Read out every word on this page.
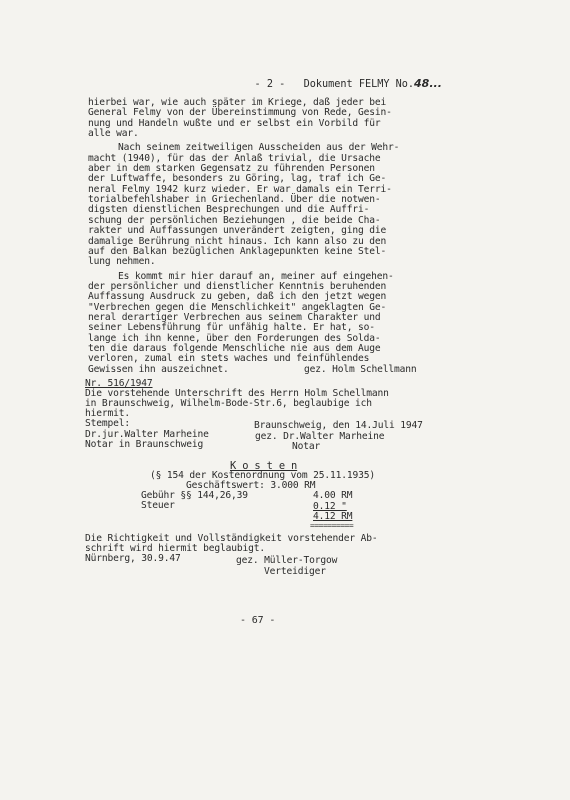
- 2 - Dokument FELMY No.48...

hierbei war, wie auch später im Kriege, daß jeder bei
General Felmy von der Übereinstimmung von Rede, Gesin-
nung und Handeln wußte und er selbst ein Vorbild für
alle war.
Nach seinem zeitweiligen Ausscheiden aus der Wehr-
macht (1940), für das der Anlaß trivial, die Ursache
aber in dem starken Gegensatz zu führenden Personen
der Luftwaffe, besonders zu Göring, lag, traf ich Ge-
neral Felmy 1942 kurz wieder. Er war damals ein Terri-
torialbefehlshaber in Griechenland. Über die notwen-
digsten dienstlichen Besprechungen und die Auffri-
schung der persönlichen Beziehungen , die beide Cha-
rakter und Auffassungen unverändert zeigten, ging die
damalige Berührung nicht hinaus. Ich kann also zu den
auf den Balkan bezüglichen Anklagepunkten keine Stel-
lung nehmen.
Es kommt mir hier darauf an, meiner auf eingehen-
der persönlicher und dienstlicher Kenntnis beruhenden
Auffassung Ausdruck zu geben, daß ich den jetzt wegen
"Verbrechen gegen die Menschlichkeit" angeklagten Ge-
neral derartiger Verbrechen aus seinem Charakter und
seiner Lebensführung für unfähig halte. Er hat, so-
lange ich ihn kenne, über den Forderungen des Solda-
ten die daraus folgende Menschliche nie aus dem Auge
verloren, zumal ein stets waches und feinfühlendes
Gewissen ihn auszeichnet.	gez. Holm Schellmann
Nr. 516/1947
Die vorstehende Unterschrift des Herrn Holm Schellmann
in Braunschweig, Wilhelm-Bode-Str.6, beglaubige ich
hiermit.
Stempel:	Braunschweig, den 14.Juli 1947
Dr.jur.Walter Marheine
Notar in Braunschweig
gez. Dr.Walter Marheine
Notar
K o s t e n
(§ 154 der Kostenordnung vom 25.11.1935)
Geschäftswert: 3.000 RM
Gebühr §§ 144,26,39	4.00 RM
Steuer	0.12 "
4.12 RM
==========
Die Richtigkeit und Vollständigkeit vorstehender Ab-
schrift wird hiermit beglaubigt.
Nürnberg, 30.9.47	gez. Müller-Torgow
Verteidiger
- 67 -
